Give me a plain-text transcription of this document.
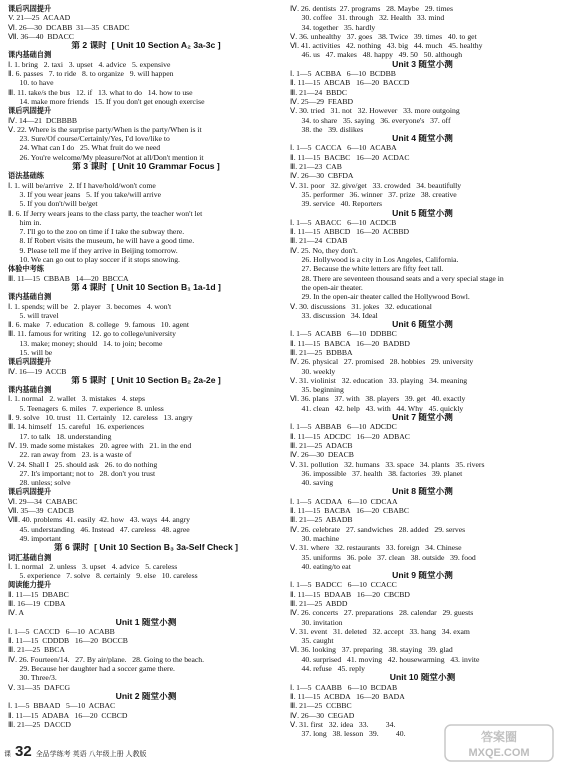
课后巩固提升
V. 21—25  ACAAD
Ⅵ. 26—30  DCABB  31—35  CBADC
Ⅶ. 36—40  BDACC
第 2 课时  [ Unit 10 Section A₂ 3a-3c ]
课内基础自测
Ⅰ. 1. bring   2. taxi   3. upset   4. advice   5. expensive
Ⅱ. 6. passes   7. to ride   8. to organize   9. will happen
10. to have
Ⅲ. 11. take/s the bus   12. if   13. what to do   14. how to use
14. make more friends   15. If you don't get enough exercise
课后巩固提升
Ⅳ. 14—21  DCBBBB
Ⅴ. 22. Where is the surprise party/When is the party/When is it
23. Sure/Of course/Certainly/Yes, I'd love/like to
24. What can I do   25. What fruit do we need
26. You're welcome/My pleasure/Not at all/Don't mention it
第 3 课时  [ Unit 10 Grammar Focus ]
语法基础练
Ⅰ. 1. will be/arrive   2. If I have/hold/won't come
3. If you wear jeans   5. If you take/will arrive
5. If you don't/will be/get
Ⅱ. 6. If Jerry wears jeans to the class party, the teacher won't let
him in.
7. I'll go to the zoo on time if I take the subway there.
8. If Robert visits the museum, he will have a good time.
9. Please tell me if they arrive in Beijing tomorrow.
10. We can go out to play soccer if it stops snowing.
体验中考练
Ⅲ. 11—15  CBBAB   14—20  BBCCA
第 4 课时  [ Unit 10 Section B₁ 1a-1d ]
课内基础自测
Ⅰ. 1. spends; will be   2. player   3. becomes   4. won't
5. will travel
Ⅱ. 6. make   7. education   8. college   9. famous   10. agent
Ⅲ. 11. famous for writing   12. go to college/university
13. make; money; should   14. to join; become
15. will be
课后巩固提升
Ⅳ. 16—19  ACCB
第 5 课时  [ Unit 10 Section B₂ 2a-2e ]
课内基础自测
Ⅰ. 1. normal   2. wallet   3. mistakes   4. steps
5. Teenagers  6. miles   7. experience  8. unless
Ⅱ. 9. solve   10. trust   11. Certainly   12. careless   13. angry
Ⅲ. 14. himself   15. careful   16. experiences
17. to talk   18. understanding
Ⅳ. 19. made some mistakes   20. agree with   21. in the end
22. ran away from   23. is a waste of
Ⅴ. 24. Shall I   25. should ask   26. to do nothing
27. It's important; not to   28. don't you trust
28. unless; solve
课后巩固提升
Ⅵ. 29—34  CABABC
Ⅶ. 35—39  CADCB
Ⅷ. 40. problems  41. easily  42. how   43. ways  44. angry
45. understanding   46. Instead   47. careless   48. agree
49. important
第 6 课时  [ Unit 10 Section B₃ 3a-Self Check ]
词汇基础自测
Ⅰ. 1. normal   2. unless   3. upset   4. advice   5. careless
5. experience   7. solve   8. certainly   9. else   10. careless
阅读能力提升
Ⅱ. 11—15  DBABC
Ⅲ. 16—19  CDBA
Ⅳ. A
Unit 1 随堂小测
Ⅰ. 1—5  CACCD   6—10  ACABB
Ⅱ. 11—15  CDDDB   16—20  BOCCB
Ⅲ. 21—25  BBCA
Ⅳ. 26. Fourteen/14.   27. By air/plane.   28. Going to the beach.
29. Because her daughter had a soccer game there.
30. Three/3.
Ⅴ. 31—35  DAFCG
Unit 2 随堂小测
Ⅰ. 1—5  BBAAD   5—10  ACBAC
Ⅱ. 11—15  ADABA   16—20  CCBCD
Ⅲ. 21—25  DACCD
Ⅳ. 26. dentists  27. programs   28. Maybe   29. times
30. coffee   31. through   32. Health   33. mind
34. together   35. hardly
Ⅴ. 36. unhealthy   37. goes   38. Twice   39. times   40. to get
Ⅵ. 41. activities   42. nothing   43. big   44. much   45. healthy
46. us   47. makes   48. happy   49. 50   50. although
Unit 3 随堂小测
Ⅰ. 1—5  ACBBA   6—10  BCDBB
Ⅱ. 11—15  ABCAB   16—20  BACCD
Ⅲ. 21—24  BBDC
Ⅳ. 25—29  FEABD
Ⅴ. 30. tried   31. not   32. However   33. more outgoing
34. to share   35. saying   36. everyone's   37. off
38. the   39. dislikes
Unit 4 随堂小测
Ⅰ. 1—5  CACCA   6—10  ACABA
Ⅱ. 11—15  BACBC   16—20  ACDAC
Ⅲ. 21—23  CAB
Ⅳ. 26—30  CBFDA
Ⅴ. 31. poor   32. give/get   33. crowded   34. beautifully
35. performer   36. winner   37. prize   38. creative
39. service   40. Reporters
Unit 5 随堂小测
Ⅰ. 1—5  ABACC   6—10  ACDCB
Ⅱ. 11—15  ABBCD   16—20  ACBBD
Ⅲ. 21—24  CDAB
Ⅳ. 25. No, they don't.
26. Hollywood is a city in Los Angeles, California.
27. Because the white letters are fifty feet tall.
28. There are seventeen thousand seats and a very special stage in
the open-air theater.
29. In the open-air theater called the Hollywood Bowl.
Ⅴ. 30. discussions   31. jokes   32. educational
33. discussion   34. Ideal
Unit 6 随堂小测
Ⅰ. 1—5  ACABB   6—10  DDBBC
Ⅱ. 11—15  BABCA   16—20  BADBD
Ⅲ. 21—25  BDBBA
Ⅳ. 26. physical   27. promised   28. hobbies   29. university
30. weekly
Ⅴ. 31. violinist   32. education   33. playing   34. meaning
35. beginning
Ⅵ. 36. plans   37. with   38. players   39. get   40. exactly
41. clean   42. help   43. with   44. Why   45. quickly
Unit 7 随堂小测
Ⅰ. 1—5  ABBAB   6—10  ADCDC
Ⅱ. 11—15  ADCDC   16—20  ADBAC
Ⅲ. 21—25  ADACB
Ⅳ. 26—30  DEACB
Ⅴ. 31. pollution   32. humans   33. space   34. plants   35. rivers
36. impossible   37. health   38. factories   39. planet
40. saving
Unit 8 随堂小测
Ⅰ. 1—5  ACDAA   6—10  CDCAA
Ⅱ. 11—15  BACBA   16—20  CBABC
Ⅲ. 21—25  ABADB
Ⅳ. 26. celebrate   27. sandwiches   28. added   29. serves
30. machine
Ⅴ. 31. where   32. restaurants   33. foreign   34. Chinese
35. uniforms   36. pole   37. clean   38. outside   39. food
40. eating/to eat
Unit 9 随堂小测
Ⅰ. 1—5  BADCC   6—10  CCACC
Ⅱ. 11—15  BDAAB   16—20  CBCBD
Ⅲ. 21—25  ABDD
Ⅳ. 26. concerts   27. preparations   28. calendar   29. guests
30. invitation
Ⅴ. 31. event   31. deleted   32. accept   33. hang   34. exam
35. caught
Ⅵ. 36. looking   37. preparing   38. staying   39. glad
40. surprised   41. moving   42. housewarming   43. invite
44. refuse   45. reply
Unit 10 随堂小测
Ⅰ. 1—5  CAABB   6—10  BCDAB
Ⅱ. 11—15  ACBDA   16—20  BADA
Ⅲ. 21—25  CCBBC
Ⅳ. 26—30  CEGAD
Ⅴ. 31. first   32. idea   33.         34.
37. long   38. lesson   39.         40.
课 32 全品学练考 英语 八年级上册 人教版
答案圈
MXQE.COM
